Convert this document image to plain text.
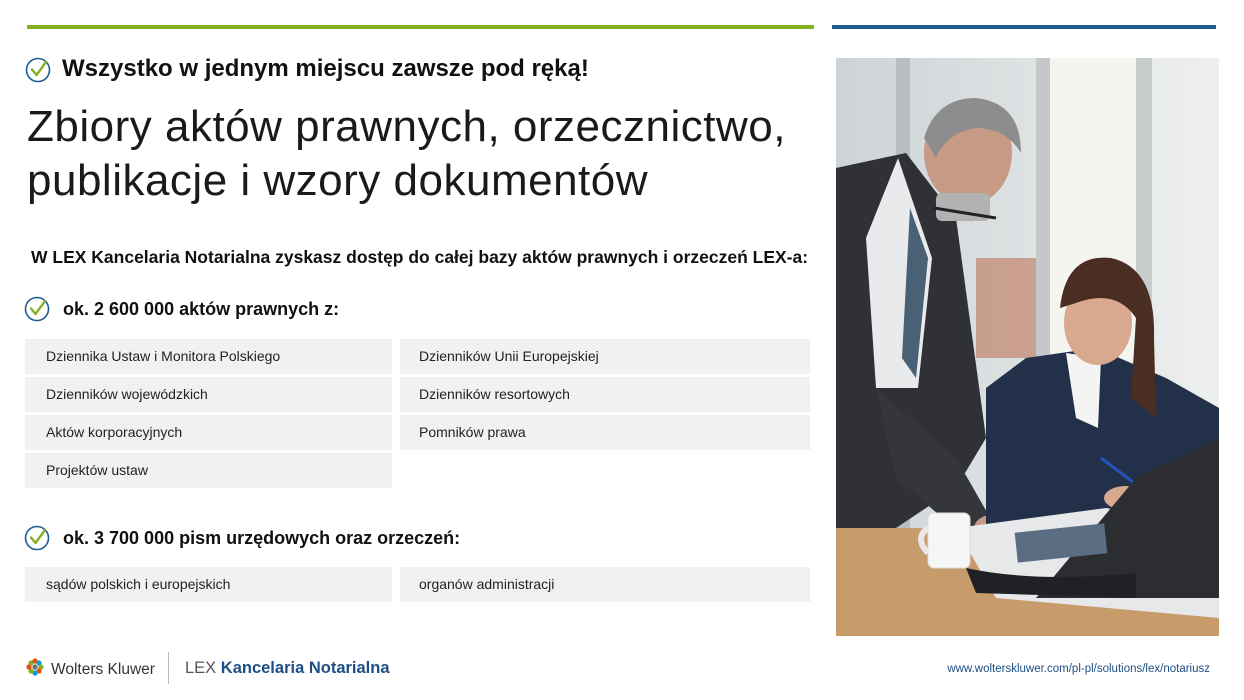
Wszystko w jednym miejscu zawsze pod ręką!
Zbiory aktów prawnych, orzecznictwo,
publikacje i wzory dokumentów
W LEX Kancelaria Notarialna zyskasz dostęp do całej bazy aktów prawnych i orzeczeń LEX-a:
ok. 2 600 000 aktów prawnych z:
Dziennika Ustaw i Monitora Polskiego	Dzienników Unii Europejskiej
Dzienników wojewódzkich	Dzienników resortowych
Aktów korporacyjnych	Pomników prawa
Projektów ustaw
ok. 3 700 000 pism urzędowych oraz orzeczeń:
sądów polskich i europejskich	organów administracji
Wolters Kluwer LEX Kancelaria Notarialna	www.wolterskluwer.com/pl-pl/solutions/lex/notariusz
